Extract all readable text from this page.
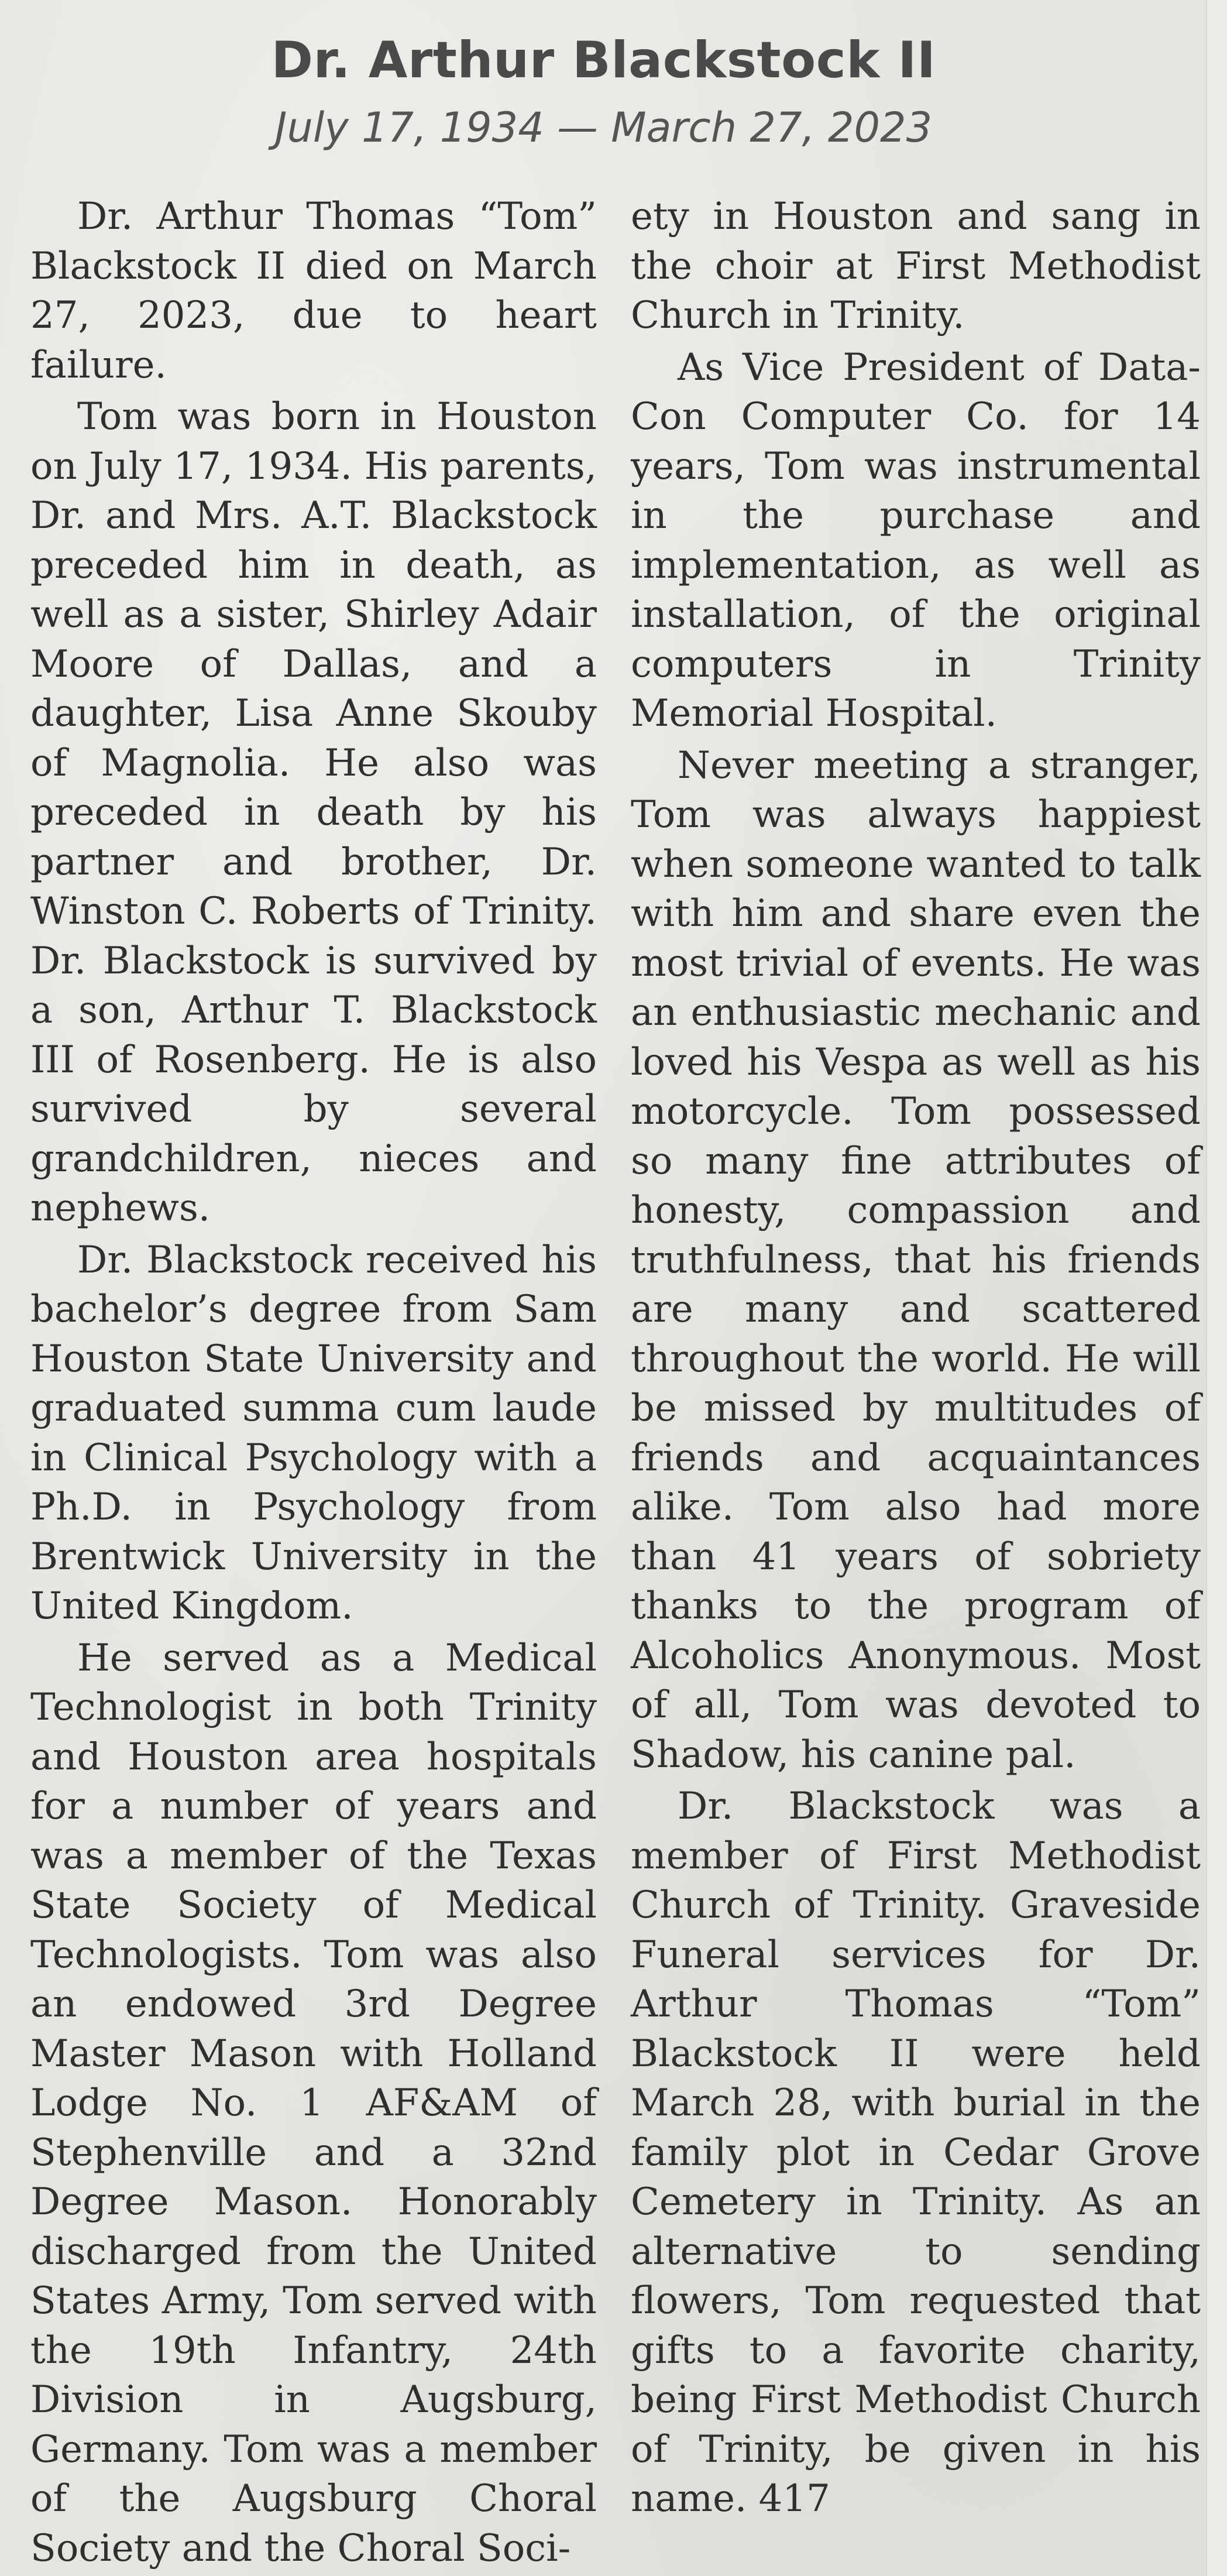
Dr. Arthur Blackstock II
July 17, 1934 — March 27, 2023

Dr. Arthur Thomas “Tom” Blackstock II died on March 27, 2023, due to heart failure.

Tom was born in Houston on July 17, 1934. His parents, Dr. and Mrs. A.T. Blackstock preceded him in death, as well as a sister, Shirley Adair Moore of Dallas, and a daughter, Lisa Anne Skouby of Magnolia. He also was preceded in death by his partner and brother, Dr. Winston C. Roberts of Trinity. Dr. Blackstock is survived by a son, Arthur T. Blackstock III of Rosenberg. He is also survived by several grandchildren, nieces and nephews.

Dr. Blackstock received his bachelor’s degree from Sam Houston State University and graduated summa cum laude in Clinical Psychology with a Ph.D. in Psychology from Brentwick University in the United Kingdom.

He served as a Medical Technologist in both Trinity and Houston area hospitals for a number of years and was a member of the Texas State Society of Medical Technologists. Tom was also an endowed 3rd Degree Master Mason with Holland Lodge No. 1 AF&AM of Stephenville and a 32nd Degree Mason. Honorably discharged from the United States Army, Tom served with the 19th Infantry, 24th Division in Augsburg, Germany. Tom was a member of the Augsburg Choral Society and the Choral Soci-

ety in Houston and sang in the choir at First Methodist Church in Trinity.

As Vice President of Data-Con Computer Co. for 14 years, Tom was instrumental in the purchase and implementation, as well as installation, of the original computers in Trinity Memorial Hospital.

Never meeting a stranger, Tom was always happiest when someone wanted to talk with him and share even the most trivial of events. He was an enthusiastic mechanic and loved his Vespa as well as his motorcycle. Tom possessed so many fine attributes of honesty, compassion and truthfulness, that his friends are many and scattered throughout the world. He will be missed by multitudes of friends and acquaintances alike. Tom also had more than 41 years of sobriety thanks to the program of Alcoholics Anonymous. Most of all, Tom was devoted to Shadow, his canine pal.

Dr. Blackstock was a member of First Methodist Church of Trinity. Graveside Funeral services for Dr. Arthur Thomas “Tom” Blackstock II were held March 28, with burial in the family plot in Cedar Grove Cemetery in Trinity. As an alternative to sending flowers, Tom requested that gifts to a favorite charity, being First Methodist Church of Trinity, be given in his name. 417
